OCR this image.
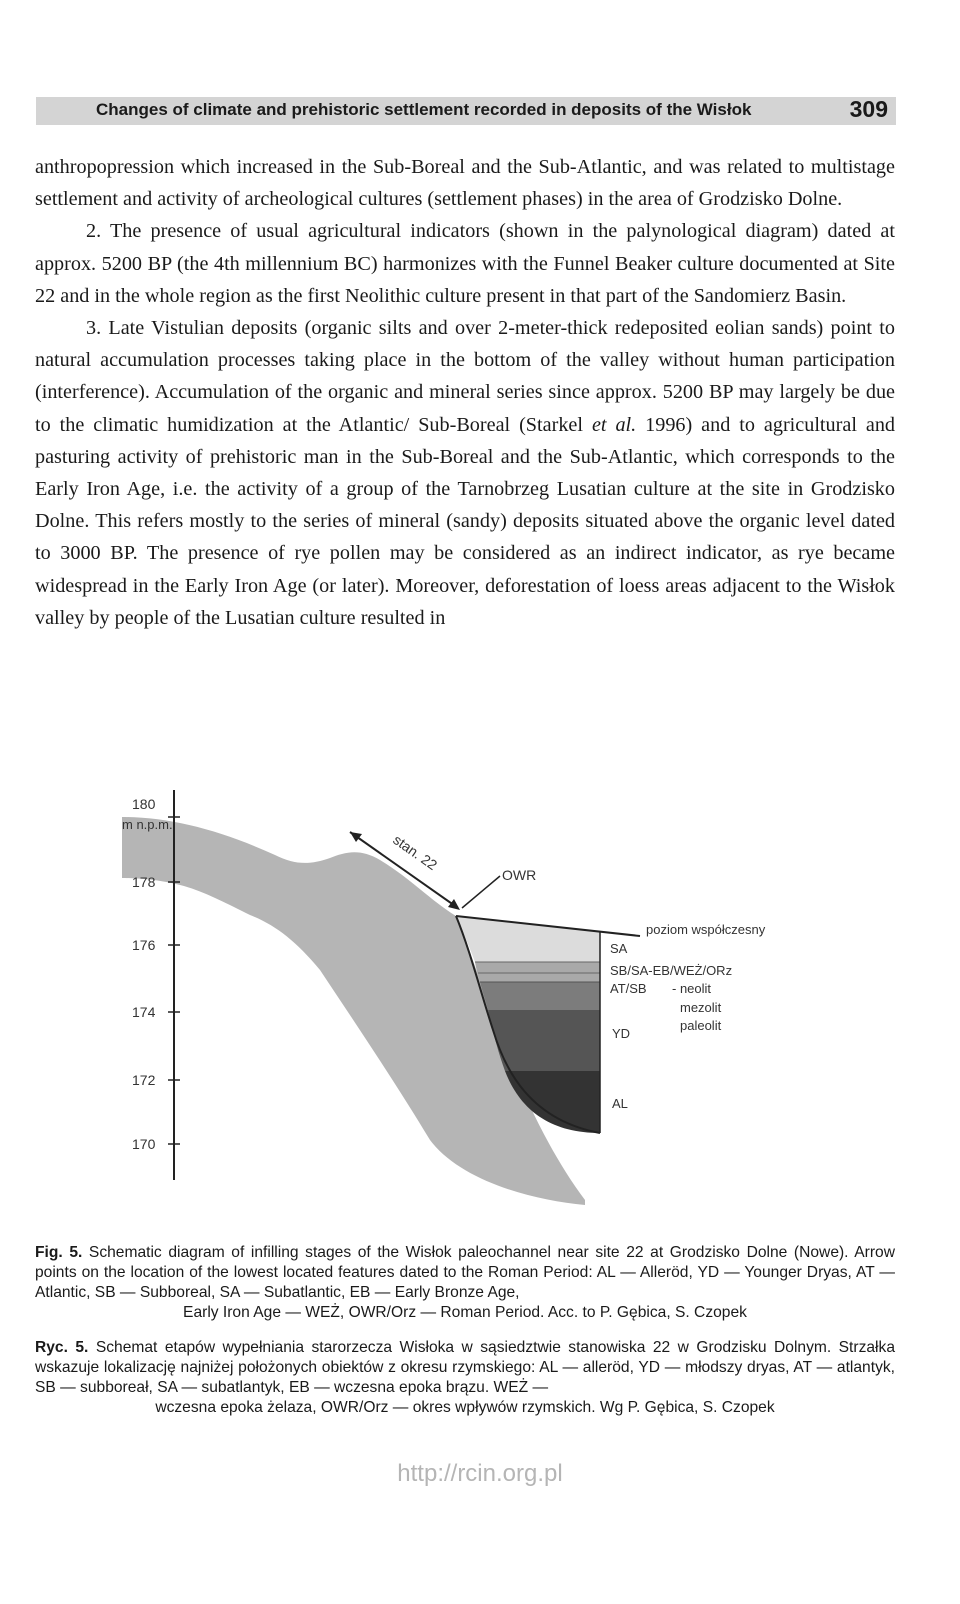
Changes of climate and prehistoric settlement recorded in deposits of the Wisłok	309

anthropopression which increased in the Sub-Boreal and the Sub-Atlantic, and was related to multistage settlement and activity of archeological cultures (settlement phases) in the area of Grodzisko Dolne.

2. The presence of usual agricultural indicators (shown in the palynological diagram) dated at approx. 5200 BP (the 4th millennium BC) harmonizes with the Funnel Beaker culture documented at Site 22 and in the whole region as the first Neolithic culture present in that part of the Sandomierz Basin.

3. Late Vistulian deposits (organic silts and over 2-meter-thick redeposited eolian sands) point to natural accumulation processes taking place in the bottom of the valley without human participation (interference). Accumulation of the organic and mineral series since approx. 5200 BP may largely be due to the climatic humidization at the Atlantic/ Sub-Boreal (Starkel et al. 1996) and to agricultural and pasturing activity of prehistoric man in the Sub-Boreal and the Sub-Atlantic, which corresponds to the Early Iron Age, i.e. the activity of a group of the Tarnobrzeg Lusatian culture at the site in Grodzisko Dolne. This refers mostly to the series of mineral (sandy) deposits situated above the organic level dated to 3000 BP. The presence of rye pollen may be considered as an indirect indicator, as rye became widespread in the Early Iron Age (or later). Moreover, deforestation of loess areas adjacent to the Wisłok valley by people of the Lusatian culture resulted in

180
m n.p.m.
178
176
174
172
170
stan. 22
OWR
poziom współczesny
SA
SB/SA-EB/WEŻ/ORz
AT/SB - neolit
mezolit
paleolit
YD
AL
Fig. 5. Schematic diagram of infilling stages of the Wisłok paleochannel near site 22 at Grodzisko Dolne (Nowe). Arrow points on the location of the lowest located features dated to the Roman Period: AL — Alleröd, YD — Younger Dryas, AT — Atlantic, SB — Subboreal, SA — Subatlantic, EB — Early Bronze Age,
Early Iron Age — WEŻ, OWR/Orz — Roman Period. Acc. to P. Gębica, S. Czopek
Ryc. 5. Schemat etapów wypełniania starorzecza Wisłoka w sąsiedztwie stanowiska 22 w Grodzisku Dolnym. Strzałka wskazuje lokalizację najniżej położonych obiektów z okresu rzymskiego: AL — alleröd, YD — młodszy dryas, AT — atlantyk, SB — subboreał, SA — subatlantyk, EB — wczesna epoka brązu. WEŻ —
wczesna epoka żelaza, OWR/Orz — okres wpływów rzymskich. Wg P. Gębica, S. Czopek
http://rcin.org.pl
